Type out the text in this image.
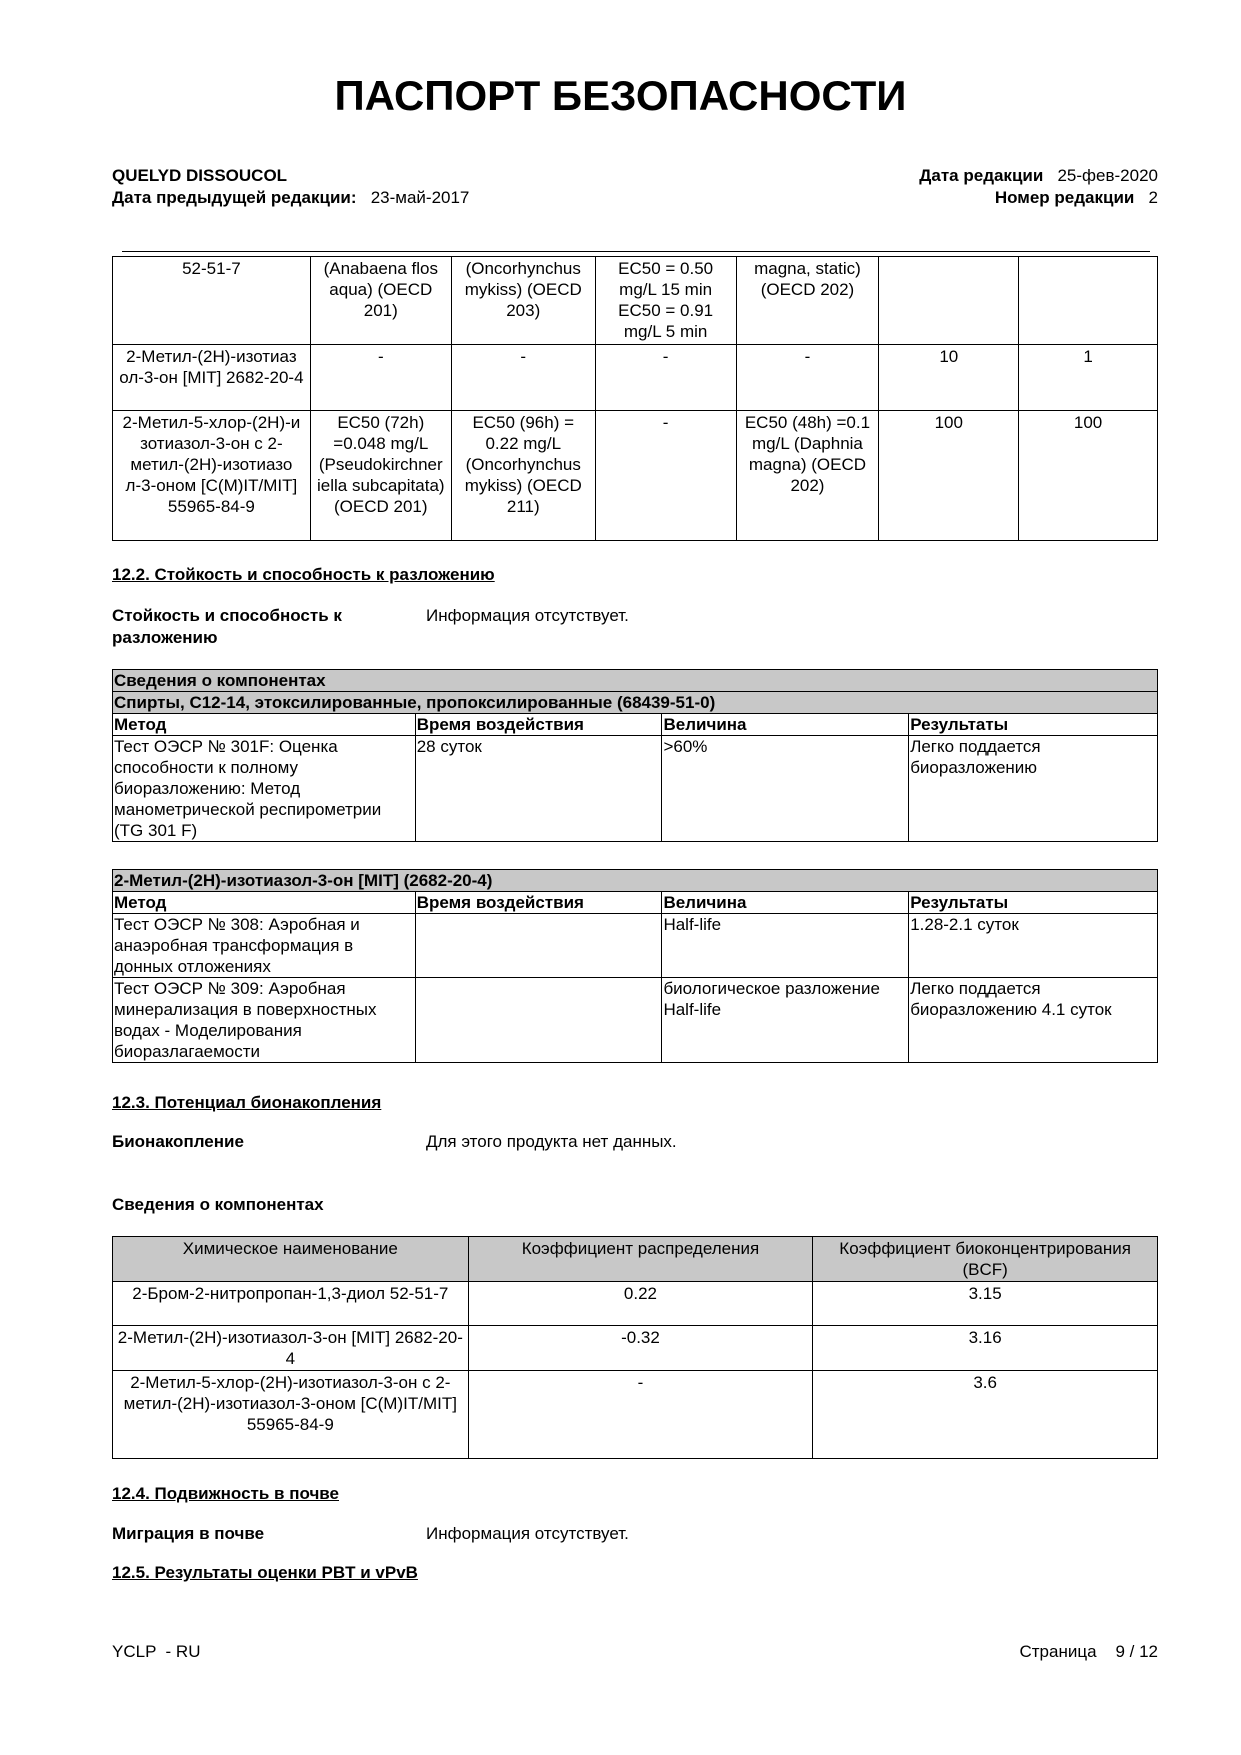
ПАСПОРТ БЕЗОПАСНОСТИ
QUELYD DISSOUCOL
Дата предыдущей редакции: 23-май-2017
Дата редакции 25-фев-2020
Номер редакции 2
52-51-7	(Anabaena flos aqua) (OECD 201)	(Oncorhynchus mykiss) (OECD 203)	EC50 = 0.50 mg/L 15 min EC50 = 0.91 mg/L 5 min	magna, static) (OECD 202)		
2-Метил-(2H)-изотиаз ол-3-он [MIT] 2682-20-4	-	-	-	-	10	1
2-Метил-5-хлор-(2H)-и зотиазол-3-он с 2-метил-(2H)-изотиазо л-3-оном [C(M)IT/MIT] 55965-84-9	EC50 (72h) =0.048 mg/L (Pseudokirchner iella subcapitata) (OECD 201)	EC50 (96h) = 0.22 mg/L (Oncorhynchus mykiss) (OECD 211)	-	EC50 (48h) =0.1 mg/L (Daphnia magna) (OECD 202)	100	100
12.2. Стойкость и способность к разложению
Стойкость и способность к разложению
Информация отсутствует.
Сведения о компонентах			
Спирты, C12-14, этоксилированные, пропоксилированные (68439-51-0)			
Метод	Время воздействия	Величина	Результаты
Тест ОЭСР № 301F: Оценка способности к полному биоразложению: Метод манометрической респирометрии (TG 301 F)	28 суток	>60%	Легко поддается биоразложению
2-Метил-(2H)-изотиазол-3-он [MIT] (2682-20-4)			
Метод	Время воздействия	Величина	Результаты
Тест ОЭСР № 308: Аэробная и анаэробная трансформация в донных отложениях		Half-life	1.28-2.1 суток
Тест ОЭСР № 309: Аэробная минерализация в поверхностных водах - Моделирования биоразлагаемости		биологическое разложение Half-life	Легко поддается биоразложению 4.1 суток
12.3. Потенциал бионакопления
Бионакопление	Для этого продукта нет данных.
Сведения о компонентах
Химическое наименование	Коэффициент распределения	Коэффициент биоконцентрирования (BCF)
2-Бром-2-нитропропан-1,3-диол 52-51-7	0.22	3.15
2-Метил-(2H)-изотиазол-3-он [MIT] 2682-20-4	-0.32	3.16
2-Метил-5-хлор-(2H)-изотиазол-3-он с 2-метил-(2H)-изотиазол-3-оном [C(M)IT/MIT] 55965-84-9	-	3.6
12.4. Подвижность в почве
Миграция в почве	Информация отсутствует.
12.5. Результаты оценки PBT и vPvB
YCLP  - RU	Страница 9 / 12
